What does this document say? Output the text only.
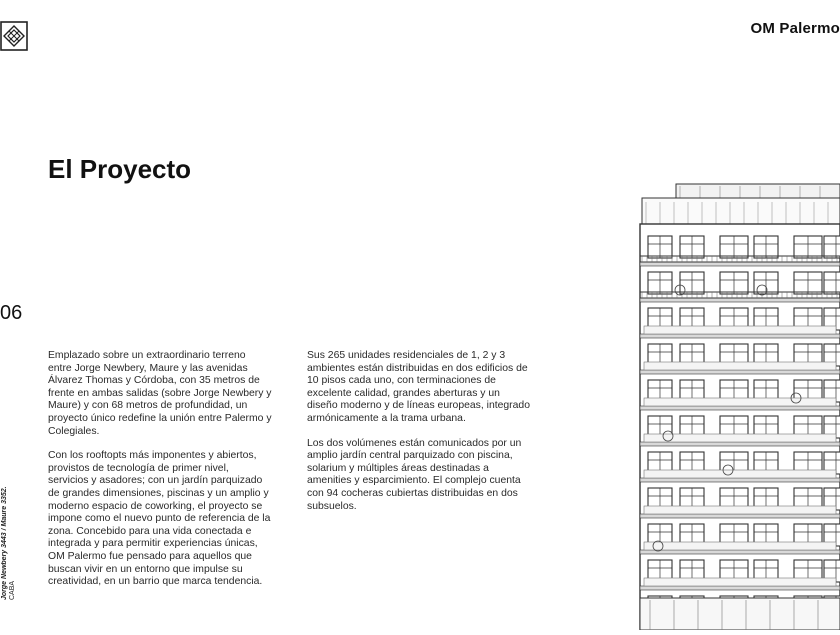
OM Palermo
El Proyecto
06
Jorge Newbery 3443 / Maure 3352.
CABA

Emplazado sobre un extraordinario terreno entre Jorge Newbery, Maure y las avenidas Álvarez Thomas y Córdoba, con 35 metros de frente en ambas salidas (sobre Jorge Newbery y Maure) y con 68 metros de profundidad, un proyecto único redefine la unión entre Palermo y Colegiales.

Con los rooftopts más imponentes y abiertos, provistos de tecnología de primer nivel, servicios y asadores; con un jardín parquizado de grandes dimensiones, piscinas y un amplio y moderno espacio de coworking, el proyecto se impone como el nuevo punto de referencia de la zona. Concebido para una vida conectada e integrada y para permitir experiencias únicas, OM Palermo fue pensado para aquellos que buscan vivir en un entorno que impulse su creatividad, en un barrio que marca tendencia.

Sus 265 unidades residenciales de 1, 2 y 3 ambientes están distribuidas en dos edificios de 10 pisos cada uno, con terminaciones de excelente calidad, grandes aberturas y un diseño moderno y de líneas europeas, integrado armónicamente a la trama urbana.

Los dos volúmenes están comunicados por un amplio jardín central parquizado con piscina, solarium y múltiples áreas destinadas a amenities y esparcimiento. El complejo cuenta con 94 cocheras cubiertas distribuidas en dos subsuelos.
